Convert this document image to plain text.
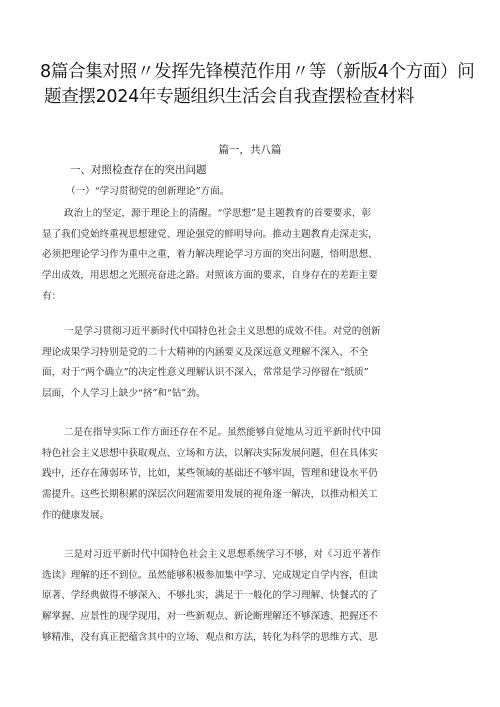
8篇合集对照〃发挥先锋模范作用〃等（新版4个方面）问
题查摆2024年专题组织生活会自我查摆检查材料
篇一，共八篇
一、对照检查存在的突出问题

（一）“学习贯彻党的创新理论”方面。

政治上的坚定，源于理论上的清醒。“学思想”是主题教育的首要要求，彰
显了我们党始终重视思想建党、理论强党的鲜明导向。推动主题教育走深走实，
必须把理论学习作为重中之重，着力解决理论学习方面的突出问题，悟明思想、
学出成效，用思想之光照亮奋进之路。对照该方面的要求，自身存在的差距主要
有：

一是学习贯彻习近平新时代中国特色社会主义思想的成效不佳。对党的创新
理论成果学习特别是党的二十大精神的内涵要义及深远意义理解不深入、不全
面，对于“两个确立”的决定性意义理解认识不深入，常常是学习停留在“纸质”
层面，个人学习上缺少“挤”和“钻”劲。

二是在指导实际工作方面还存在不足。虽然能够自觉地从习近平新时代中国
特色社会主义思想中获取观点、立场和方法，以解决实际发展问题，但在具体实
践中，还存在薄弱环节，比如，某些领域的基础还不够牢固，管理和建设水平仍
需提升。这些长期积累的深层次问题需要用发展的视角逐一解决，以推动相关工
作的健康发展。

三是对习近平新时代中国特色社会主义思想系统学习不够，对《习近平著作
选读》理解的还不到位。虽然能够积极参加集中学习、完成规定自学内容，但读
原著、学经典做得不够深入、不够扎实，满足于一般化的学习理解、快餐式的了
解掌握、应景性的现学现用，对一些新观点、新论断理解还不够深透、把握还不
够精准，没有真正把蕴含其中的立场、观点和方法，转化为科学的思维方式、思
